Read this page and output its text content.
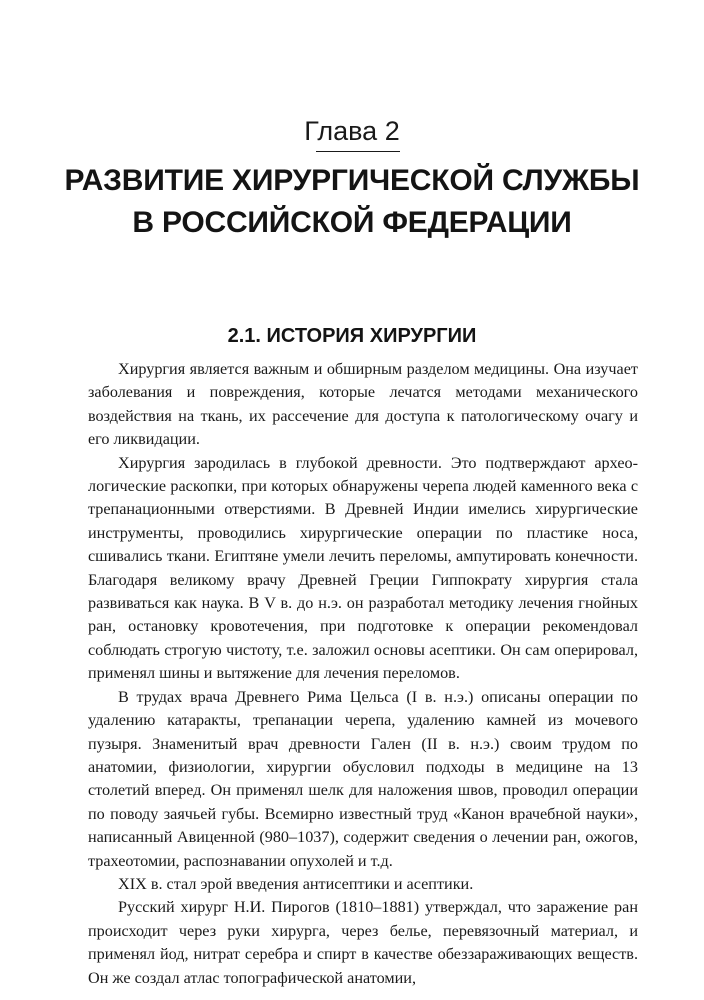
Глава 2
РАЗВИТИЕ ХИРУРГИЧЕСКОЙ СЛУЖБЫ
В РОССИЙСКОЙ ФЕДЕРАЦИИ
2.1. ИСТОРИЯ ХИРУРГИИ

Хирургия является важным и обширным разделом медицины. Она изучает заболевания и повреждения, которые лечатся методами механического воздействия на ткань, их рассечение для доступа к патологическому очагу и его ликвидации.

Хирургия зародилась в глубокой древности. Это подтверждают археологические раскопки, при которых обнаружены черепа людей каменного века с трепанационными отверстиями. В Древней Индии имелись хирургические инструменты, проводились хирургические операции по пластике носа, сшивались ткани. Египтяне умели лечить переломы, ампутировать конечности. Благодаря великому врачу Древней Греции Гиппократу хирургия стала развиваться как наука. В V в. до н.э. он разработал методику лечения гнойных ран, остановку кровотечения, при подготовке к операции рекомендовал соблюдать строгую чистоту, т.е. заложил основы асептики. Он сам оперировал, применял шины и вытяжение для лечения переломов.

В трудах врача Древнего Рима Цельса (I в. н.э.) описаны операции по удалению катаракты, трепанации черепа, удалению камней из мочевого пузыря. Знаменитый врач древности Гален (II в. н.э.) своим трудом по анатомии, физиологии, хирургии обусловил подходы в медицине на 13 столетий вперед. Он применял шелк для наложения швов, проводил операции по поводу заячьей губы. Всемирно известный труд «Канон врачебной науки», написанный Авиценной (980–1037), содержит сведения о лечении ран, ожогов, трахеотомии, распознавании опухолей и т.д.

XIX в. стал эрой введения антисептики и асептики.

Русский хирург Н.И. Пирогов (1810–1881) утверждал, что заражение ран происходит через руки хирурга, через белье, перевязочный материал, и применял йод, нитрат серебра и спирт в качестве обеззараживающих веществ. Он же создал атлас топографической анатомии,
